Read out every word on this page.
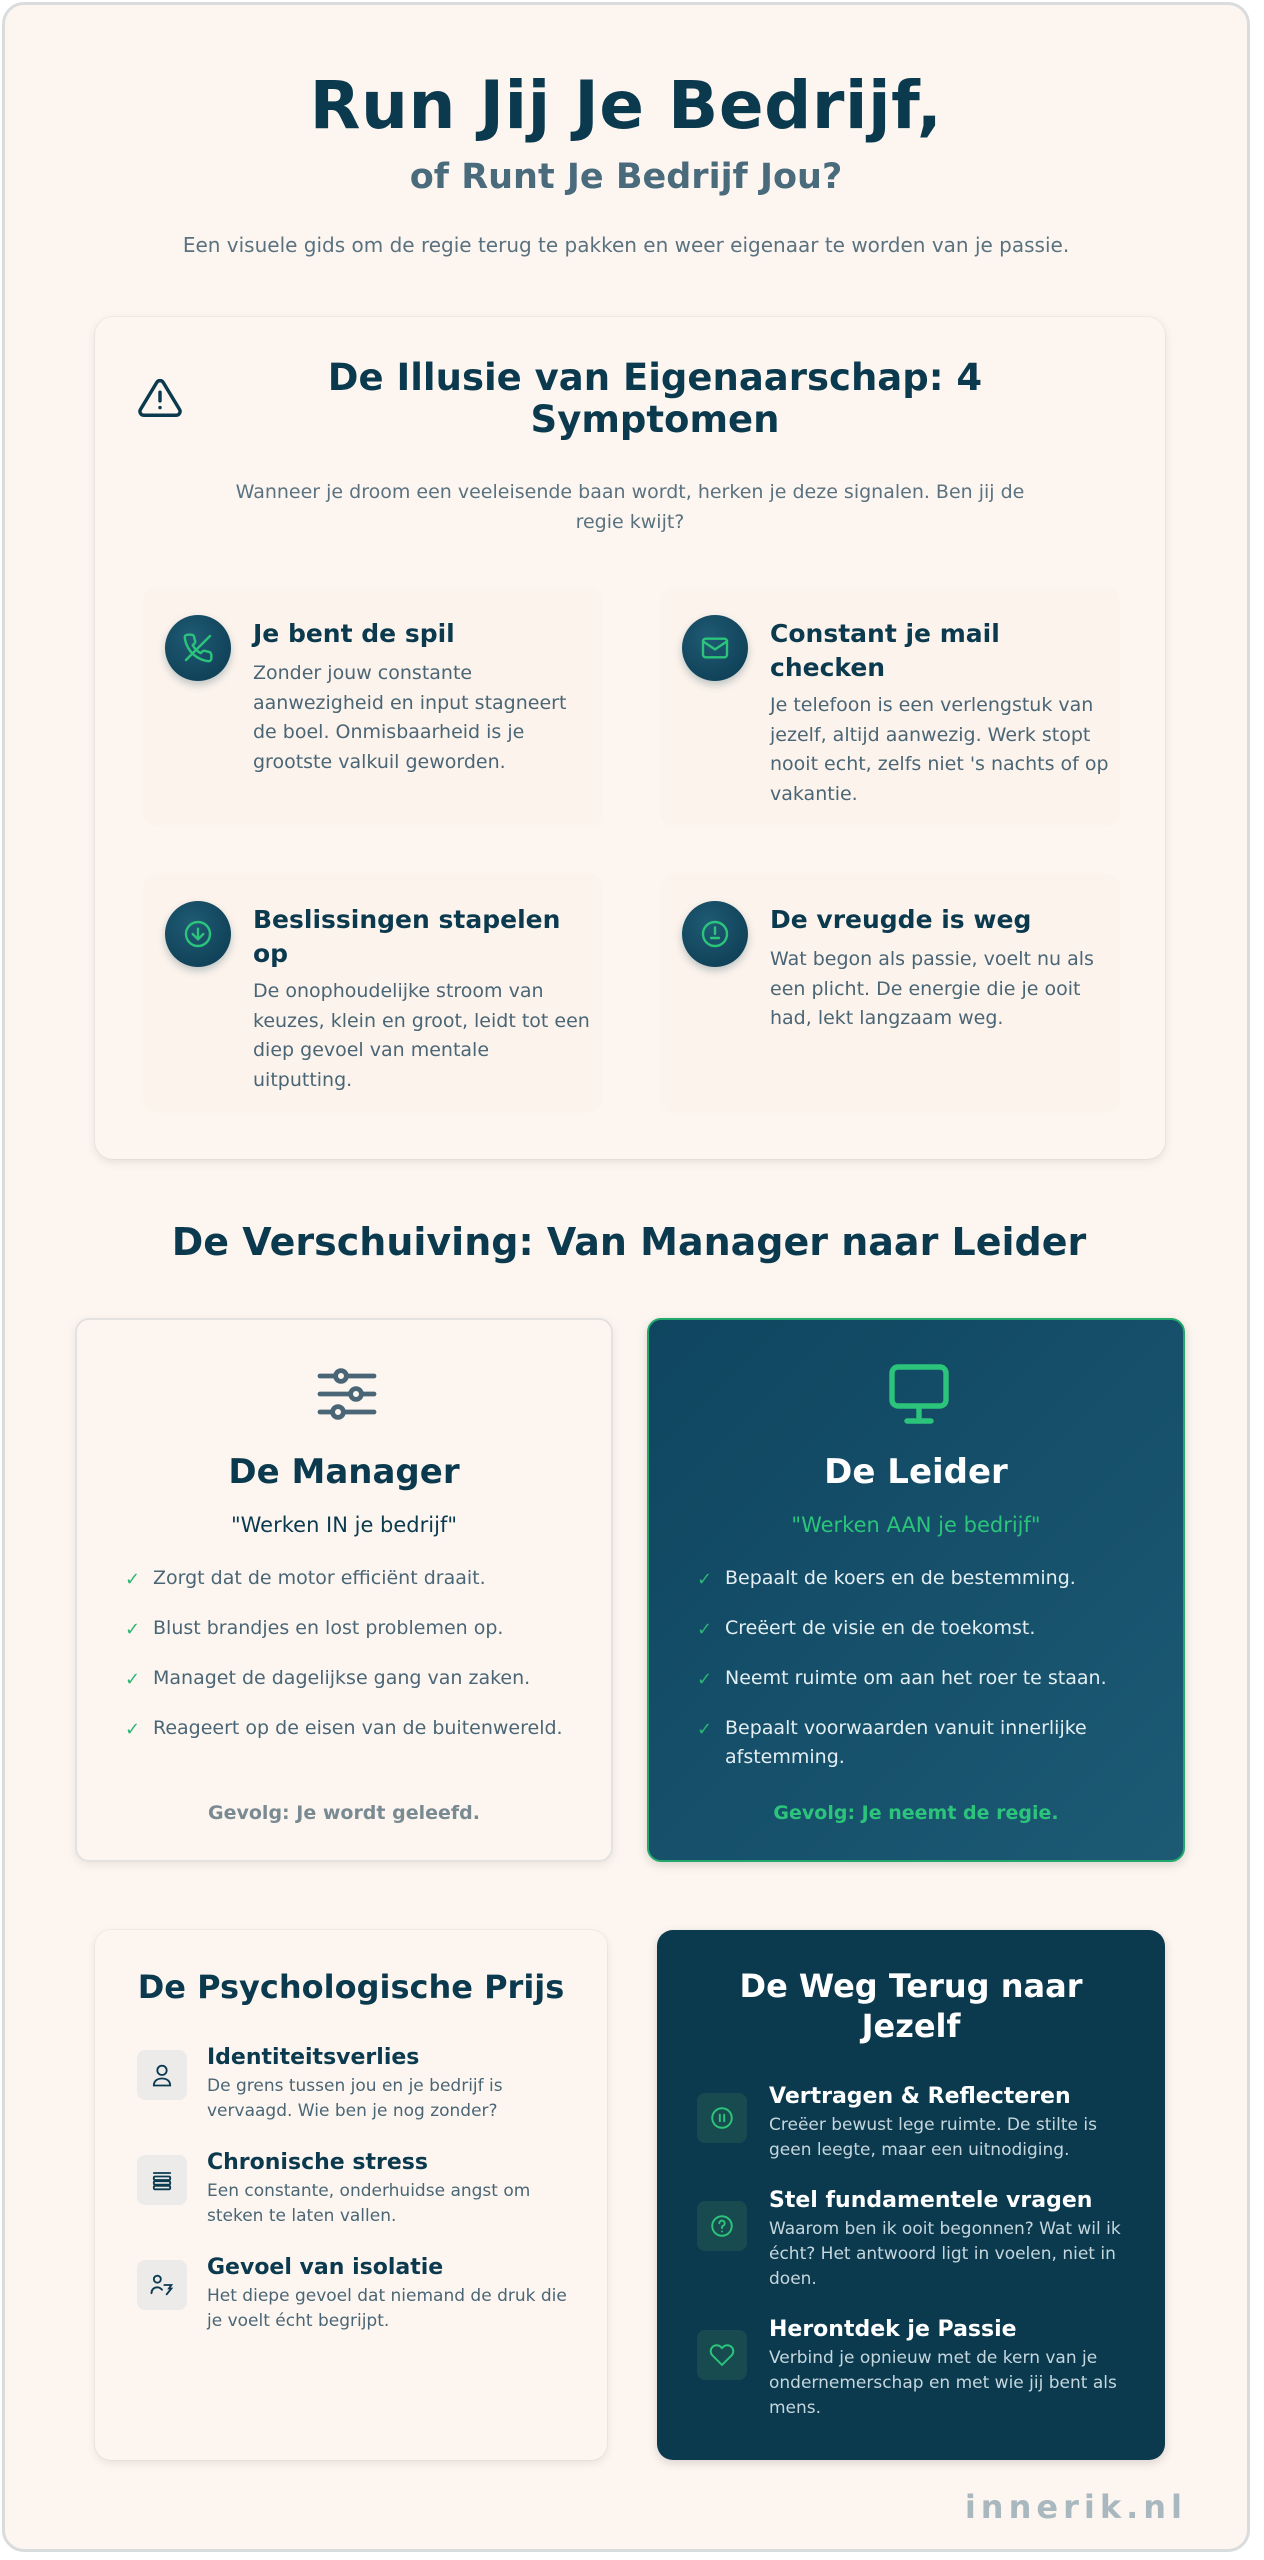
Run Jij Je Bedrijf,
of Runt Je Bedrijf Jou?

Een visuele gids om de regie terug te pakken en weer eigenaar te worden van je passie.

De Illusie van Eigenaarschap: 4 Symptomen
Wanneer je droom een veeleisende baan wordt, herken je deze signalen. Ben jij de regie kwijt?
Je bent de spil

Zonder jouw constante aanwezigheid en input stagneert de boel. Onmisbaarheid is je grootste valkuil geworden.

Constant je mail checken

Je telefoon is een verlengstuk van jezelf, altijd aanwezig. Werk stopt nooit echt, zelfs niet 's nachts of op vakantie.

Beslissingen stapelen op

De onophoudelijke stroom van keuzes, klein en groot, leidt tot een diep gevoel van mentale uitputting.

De vreugde is weg

Wat begon als passie, voelt nu als een plicht. De energie die je ooit had, lekt langzaam weg.

De Verschuiving: Van Manager naar Leider
De Manager
"Werken IN je bedrijf"
✓ Zorgt dat de motor efficiënt draait.
✓ Blust brandjes en lost problemen op.
✓ Managet de dagelijkse gang van zaken.
✓ Reageert op de eisen van de buitenwereld.
Gevolg: Je wordt geleefd.
De Leider
"Werken AAN je bedrijf"
✓ Bepaalt de koers en de bestemming.
✓ Creëert de visie en de toekomst.
✓ Neemt ruimte om aan het roer te staan.
✓ Bepaalt voorwaarden vanuit innerlijke afstemming.
Gevolg: Je neemt de regie.
De Psychologische Prijs
Identiteitsverlies

De grens tussen jou en je bedrijf is vervaagd. Wie ben je nog zonder?

Chronische stress

Een constante, onderhuidse angst om steken te laten vallen.

Gevoel van isolatie

Het diepe gevoel dat niemand de druk die je voelt écht begrijpt.

De Weg Terug naar Jezelf
Vertragen & Reflecteren

Creëer bewust lege ruimte. De stilte is geen leegte, maar een uitnodiging.

Stel fundamentele vragen

Waarom ben ik ooit begonnen? Wat wil ik écht? Het antwoord ligt in voelen, niet in doen.

Herontdek je Passie

Verbind je opnieuw met de kern van je ondernemerschap en met wie jij bent als mens.

innerik.nl
